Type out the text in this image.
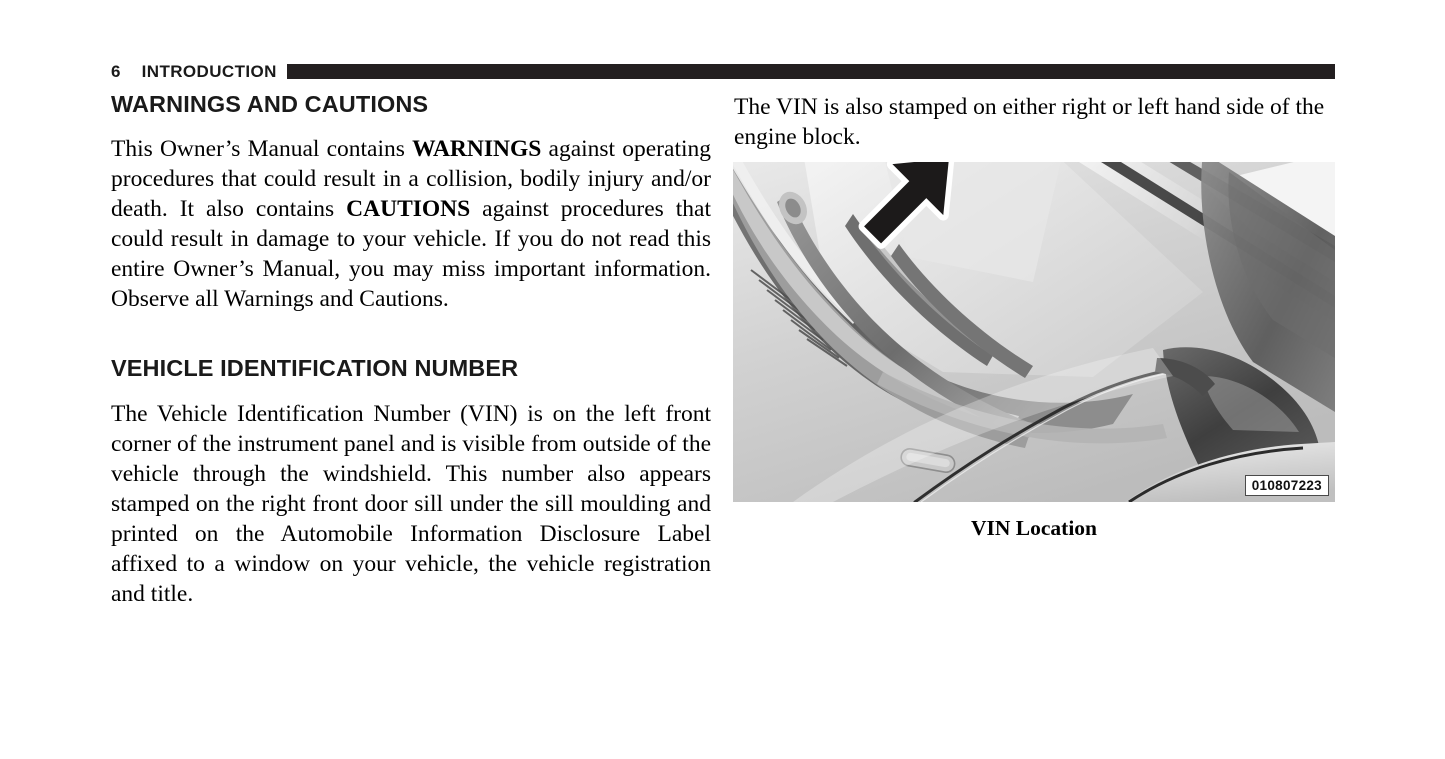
6 INTRODUCTION
WARNINGS AND CAUTIONS

This Owner’s Manual contains WARNINGS against operating procedures that could result in a collision, bodily injury and/or death. It also contains CAUTIONS against procedures that could result in damage to your vehicle. If you do not read this entire Owner’s Manual, you may miss important information. Observe all Warnings and Cautions.

VEHICLE IDENTIFICATION NUMBER

The Vehicle Identification Number (VIN) is on the left front corner of the instrument panel and is visible from outside of the vehicle through the windshield. This number also appears stamped on the right front door sill under the sill moulding and printed on the Automobile Information Disclosure Label affixed to a window on your vehicle, the vehicle registration and title.

The VIN is also stamped on either right or left hand side of the engine block.

010807223
VIN Location
